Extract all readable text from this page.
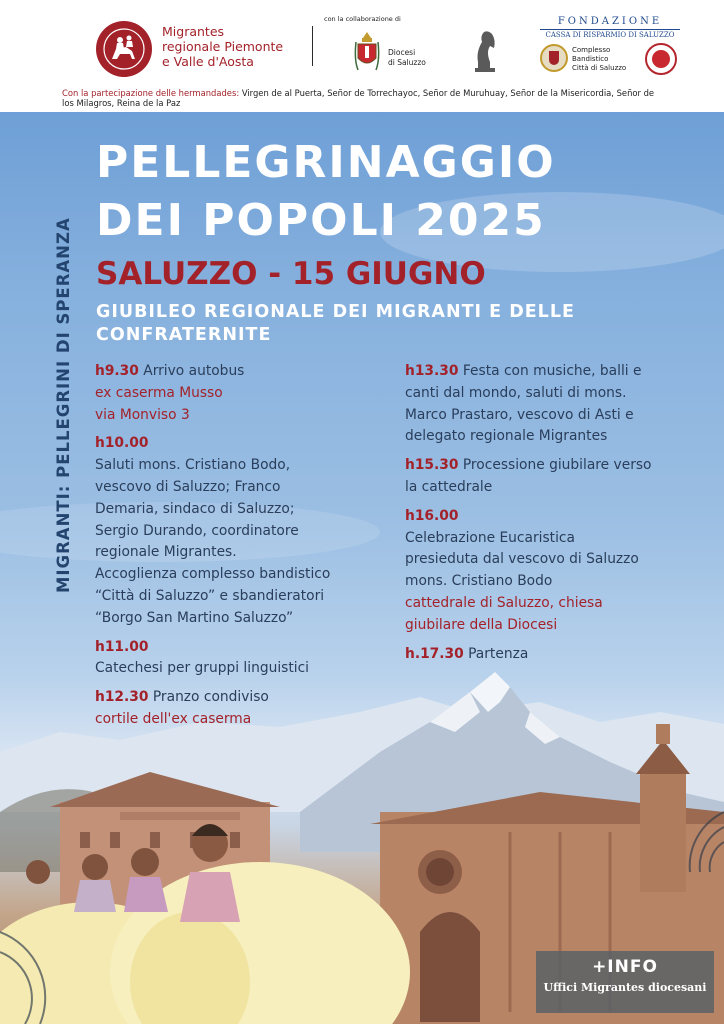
Migrantes
regionale Piemonte
e Valle d'Aosta
con la collaborazione di
Diocesi
di Saluzzo
FONDAZIONE
CASSA DI RISPARMIO DI SALUZZO
Complesso
Bandistico
Città di Saluzzo
Con la partecipazione delle hermandades: Virgen de al Puerta, Señor de Torrechayoc, Señor de Muruhuay, Señor de la Misericordia, Señor de los Milagros, Reina de la Paz
PELLEGRINAGGIO
DEI POPOLI 2025
SALUZZO - 15 GIUGNO
GIUBILEO REGIONALE DEI MIGRANTI E DELLE CONFRATERNITE
MIGRANTI: PELLEGRINI DI SPERANZA h9.30 Arrivo autobus
ex caserma Musso
via Monviso 3
h10.00
Saluti mons. Cristiano Bodo,
vescovo di Saluzzo; Franco
Demaria, sindaco di Saluzzo;
Sergio Durando, coordinatore
regionale Migrantes.
Accoglienza complesso bandistico
“Città di Saluzzo” e sbandieratori
“Borgo San Martino Saluzzo”
h11.00
Catechesi per gruppi linguistici
h12.30 Pranzo condiviso
cortile dell'ex caserma
h13.30 Festa con musiche, balli e
canti dal mondo, saluti di mons.
Marco Prastaro, vescovo di Asti e
delegato regionale Migrantes
h15.30 Processione giubilare verso
la cattedrale
h16.00
Celebrazione Eucaristica
presieduta dal vescovo di Saluzzo
mons. Cristiano Bodo
cattedrale di Saluzzo, chiesa
giubilare della Diocesi
h.17.30 Partenza
+INFO
Uffici Migrantes diocesani
